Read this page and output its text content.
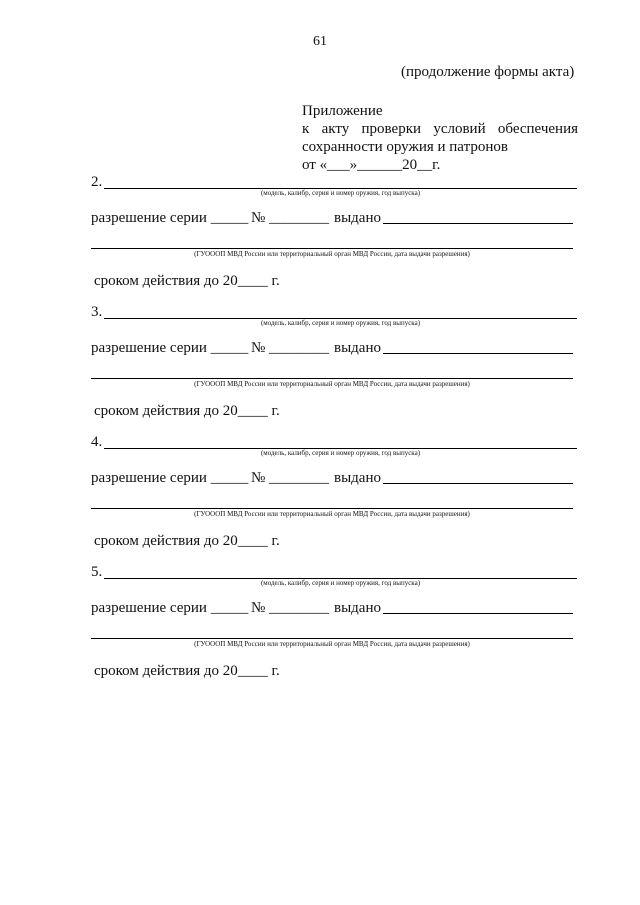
61
(продолжение формы акта)
Приложение
к акту проверки условий обеспечения
сохранности оружия и патронов
от «___»______20__г.
2.
(модель, калибр, серия и номер оружия, год выпуска)
разрешение серии _____ № ________ выдано
(ГУОООП МВД России или территориальный орган МВД России, дата выдачи разрешения)
сроком действия до 20____ г.
3.
(модель, калибр, серия и номер оружия, год выпуска)
разрешение серии _____ № ________ выдано
(ГУОООП МВД России или территориальный орган МВД России, дата выдачи разрешения)
сроком действия до 20____ г.
4.
(модель, калибр, серия и номер оружия, год выпуска)
разрешение серии _____ № ________ выдано
(ГУОООП МВД России или территориальный орган МВД России, дата выдачи разрешения)
сроком действия до 20____ г.
5.
(модель, калибр, серия и номер оружия, год выпуска)
разрешение серии _____ № ________ выдано
(ГУОООП МВД России или территориальный орган МВД России, дата выдачи разрешения)
сроком действия до 20____ г.
